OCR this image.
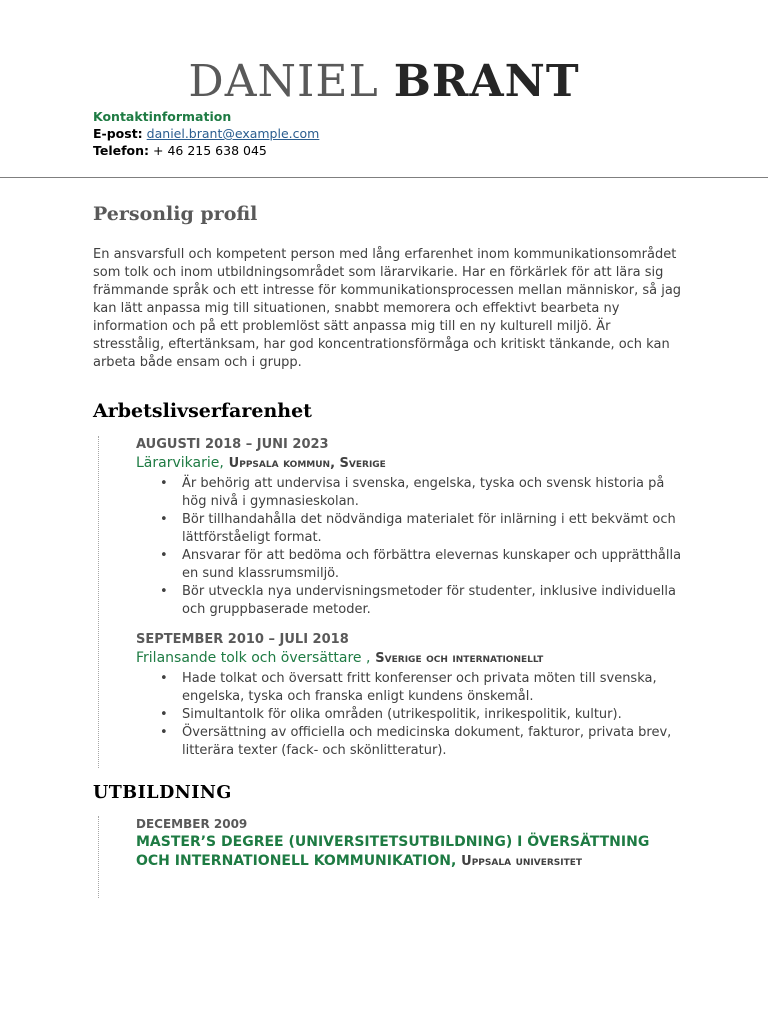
DANIEL BRANT
Kontaktinformation
E-post: daniel.brant@example.com
Telefon: + 46 215 638 045
Personlig profil
En ansvarsfull och kompetent person med lång erfarenhet inom kommunikationsområdet som tolk och inom utbildningsområdet som lärarvikarie. Har en förkärlek för att lära sig främmande språk och ett intresse för kommunikationsprocessen mellan människor, så jag kan lätt anpassa mig till situationen, snabbt memorera och effektivt bearbeta ny information och på ett problemlöst sätt anpassa mig till en ny kulturell miljö. Är stresstålig, eftertänksam, har god koncentrationsförmåga och kritiskt tänkande, och kan arbeta både ensam och i grupp.
Arbetslivserfarenhet
AUGUSTI 2018 – JUNI 2023
Lärarvikarie, Uppsala kommun, Sverige
• Är behörig att undervisa i svenska, engelska, tyska och svensk historia på hög nivå i gymnasieskolan.
• Bör tillhandahålla det nödvändiga materialet för inlärning i ett bekvämt och lättförståeligt format.
• Ansvarar för att bedöma och förbättra elevernas kunskaper och upprätthålla en sund klassrumsmiljö.
• Bör utveckla nya undervisningsmetoder för studenter, inklusive individuella och gruppbaserade metoder.
SEPTEMBER 2010 – JULI 2018
Frilansande tolk och översättare , Sverige och internationellt
• Hade tolkat och översatt fritt konferenser och privata möten till svenska, engelska, tyska och franska enligt kundens önskemål.
• Simultantolk för olika områden (utrikespolitik, inrikespolitik, kultur).
• Översättning av officiella och medicinska dokument, fakturor, privata brev, litterära texter (fack- och skönlitteratur).
UTBILDNING
DECEMBER 2009
MASTER’S DEGREE (UNIVERSITETSUTBILDNING) I ÖVERSÄTTNING OCH INTERNATIONELL KOMMUNIKATION, Uppsala universitet
